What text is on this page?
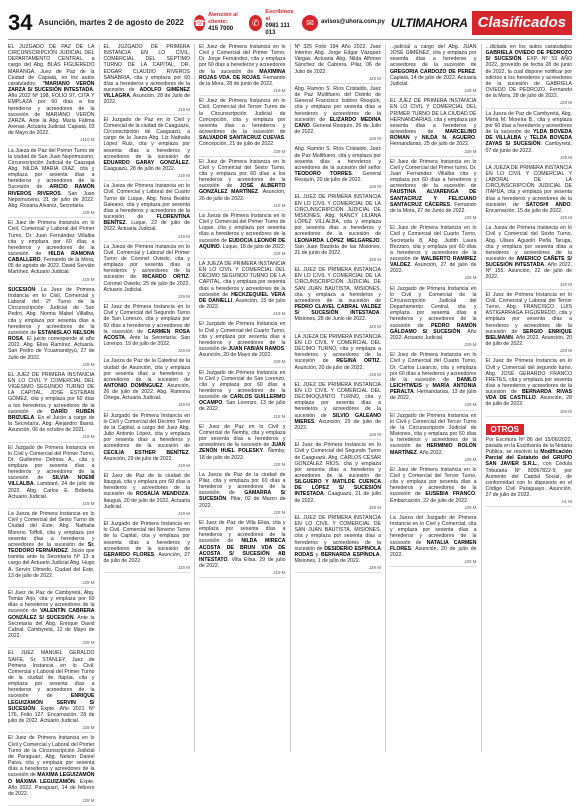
34 Asunción, martes 2 de agosto de 2022 ☎
Atención al cliente:
415 7000
✆
Escribinos al
0981 111 013
✉	avisos@uhora.com.py ULTIMAHORA Clasificados
EL JUZGADO DE PAZ DE LA CIRCUNSCRIPCIÓN JUDICIAL DEL DEPARTAMENTO CENTRAL, a cargo del Abg. BLAS FIGUEREDO MARANGA, Juez de Paz de la Ciudad de Capiatá, en los autos caratulados: "MARIANO VERÓN ZARZA S/ SUCESIÓN INTESTADA. Año 2022 Nº 198, FOLIO 97, CITA Y EMPLAZA por 60 días a los herederos y acreedores de la sucesión de MARIANO VERÓN ZARZA. Ante la Abg. María Fátima Arenas, Actuaria Judicial. Capiatá, 03 de Mayo de 2022.
J110 M
La Jueza de Paz del Primer Turno de la ciudad de San Juan Nepomuceno, Circunscripción Judicial de Caazapá Abg. NILDA MARÍA DIAZ, cita y emplaza por sesenta días a herederos y acreedores de la Sucesión de ARICIO RAMÓN RIVEROS RIVEROS. San Juan Nepomuceno, 21 de julio de 2022. Abg. Rosana Alvarez, Secretaria.
J29 M
El Juez de Primera Instancia en lo Civil, Comercial y Laboral del Primer Turno, Dr. Juan Fernández Villalba cita y emplaza por 60 días a herederos y acreedores de la sucesión de HILDA RAMONA CABALLERO. Fernando de la Mora, 05 de agosto de 2022. David Servián Martínez, Actuario Judicial.
J19 M
SUCESIÓN: La Juez de Primera Instancia en lo Civil, Comercial y Laboral del 2º Turno de la Circunscripción Judicial de San Pedro, Abg. Norma Mabel Villalba, cita y emplaza por sesenta días a herederos y acreedores de la sucesión de ESTANISLAO NELSON ROSA. El juicio corresponde al año 2022. Abg. Elisa Ramírez, Actuaria. San Pedro de Ycuamandyyú, 27 de Julio de 2022.
J29 M
EL JUEZ DE PRIMERA INSTANCIA EN LO CIVIL Y COMERCIAL DEL VIGÉSIMO SEGUNDO TURNO DE LA CAPITAL, JOSÉ ESTEBAN GÓMEZ, cita y emplaza por 60 días a los herederos y acreedores de la sucesión de DARÍO RUBÉN BRIZUELA. En el Juicio a cargo de la Secretaría, Abg. Alejandro Ibarra. Asunción, 06 de octubre de 2021.
J19 M
El Juzgado de Primera Instancia en lo Civil y Comercial del Primer Turno, Dr. Guillermo Delmas A., cita y emplaza por sesenta días a herederos y acreedores de la sucesión de SILVIA NOEMÍ VILLALBA. Lambaré, 24 de julio de 2022. Abg. Carlos E. Bóbeda, Actuario Judicial.
J19 M
La Jueza de Primera Instancia en lo Civil y Comercial del Sexto Turno de Ciudad del Este, Abg. Nathalia Moreno Toffoli, cita y emplaza por sesenta días a herederos y acreedores de la sucesión de Sr. TEODORO FERNÁNDEZ. Juicio que tramita ante la Secretaría Nº 13 a cargo del Actuario Judicial Abg. Hugo A. Servín Olmedo. Ciudad del Este, 13 de julio de 2022.
J29 M
El Juez de Paz de Cambyretá, Abg. Tomás Arjo, cita y emplaza por 60 días a herederos y acreedores de la sucesión de VALENTÍN CABRERA GONZÁLEZ S/ SUCESIÓN. Ante la Secretaría del Abg. Enrique David Cabral. Cambyretá, 12 de Mayo de 2022.
J29 M
EL JUEZ MANUEL GERALDO SAIFE, Sr. STANLEY, Juez de Primera Instancia en lo Civil, Comercial y Laboral del Primer Turno de la ciudad de Itapúa, cita y emplaza por sesenta días a herederos y acreedores de la sucesión de ENRIQUE LEGUIZAMÓN SERVIN S/ SUCESIÓN. Expte. Año 2021 Nº 176, Folio 127. Encarnación, 28 de julio de 2022. Actuario Judicial.
J29 M
El Juez de Primera Instancia en lo Civil y Comercial y Laboral del Primer Turno de la Circunscripción Judicial de Paraguarí, Abg. Nelson Daniel Paiva, cita y emplaza por sesenta días a herederos y acreedores de la sucesión de MAXIMA LEGUIZAMÓN O MÁXIMA LEGUIZAMÓN. Expte. Año 2022. Paraguarí, 14 de febrero de 2022.
J29 M
EL JUZGADO DE PRIMERA INSTANCIA EN LO CIVIL, COMERCIAL DEL SÉPTIMO TURNO DE LA CAPITAL, DR. EDGAR CLAUDIO RIVEROS SANABRIA, cita y emplaza por 60 días a herederos y acreedores de la sucesión de ADOLFO GIMÉNEZ VILLAGRA. Asunción, 28 de Julio de 2022.
J19 M
El Juzgado de Paz en lo Civil y Comercial de la ciudad de Caaguazú, Circunscripción de Caaguazú, a cargo de la Jueza Abg. Liz Nathalia López Ruiz, cita y emplaza por sesenta días a herederos y acreedores de la sucesión de EDUARDO GARAY GONZÁLEZ. Caaguazú, 28 de julio de 2022.
J19 M
La Jueza de Primera Instancia en lo Civil, Comercial y Laboral del Cuarto Turno de Luque, Abg. Nora Beatriz Galeano, cita y emplaza por sesenta días a herederos y acreedores de la sucesión de FLORENTINA BENÍTEZ. Luque, 22 de julio de 2022. Actuaria Judicial.
J19 M
La Jueza de Primera Instancia en lo Civil, Comercial y Laboral del Primer Turno de Coronel Oviedo, cita y emplaza por sesenta días a herederos y acreedores de la sucesión de RICARDO ORTIZ. Coronel Oviedo, 25 de julio de 2022. Actuario Judicial.
J29 M
El Juez de Primera Instancia en lo Civil y Comercial del Segundo Turno de San Lorenzo, cita y emplaza por 60 días a herederos y acreedores de la sucesión de CARMEN ROSA ACOSTA. Ante la Secretaría. San Lorenzo, 19 de julio de 2022.
J29 M
La Jueza de Paz de la Catedral de la ciudad de Asunción, cita y emplaza por sesenta días a herederos y acreedores de la sucesión de ANTONIO DOMÍNGUEZ. Asunción, 26 de julio de 2022. Abg. Ramona Ortega, Actuaria Judicial.
J29 M
El Juzgado de Primera Instancia en lo Civil y Comercial del Décimo Turno de la Capital, a cargo del Juez Abg. Julio Antonio López, cita y emplaza por sesenta días a herederos y acreedores de la sucesión de CECILIA ESTHER BENÍTEZ. Asunción, 29 de julio de 2022.
J19 M
El Juez de Paz de la ciudad de Itauguá, cita y emplaza por 60 días a herederos y acreedores de la sucesión de ROSALÍA MENDOZA. Itauguá, 20 de julio de 2022. Actuaria Judicial.
J19 M
El Juzgado de Primera Instancia en lo Civil, Comercial del Noveno Turno de la Capital, cita y emplaza por sesenta días a herederos y acreedores de la sucesión de GERARDO FLORES. Asunción, 27 de julio de 2022.
J29 M
El Juez de Primera Instancia en lo Civil y Comercial del Primer Turno, Dr. Jorge Fernández, cita y emplaza por 60 días a herederos y acreedores de la sucesión de MAXIMINA ROJAS VDA. DE ROJAS. Fernando de la Mora, 28 de junio de 2022.
J19 M
El Juez de Primera Instancia en lo Civil, Comercial del Tercer Turno de la Circunscripción Judicial de Concepción, cita y emplaza por sesenta días a herederos y acreedores de la sucesión de SALVADOR SANTACRUZ CUEVAS. Concepción, 21 de julio de 2022.
J29 M
El Juez de Primera Instancia en lo Civil y Comercial del Sexto Turno, cita y emplaza por 60 días a los herederos y acreedores de la sucesión de JOSÉ ALBERTO GONZÁLEZ MARTÍNEZ. Asunción, 26 de julio de 2022.
J19 M
La Jueza de Primera Instancia en lo Civil y Comercial del Primer Turno de Luque, cita y emplaza por sesenta días a herederos y acreedores de la sucesión de EUDOCIA LEONOR DE AQUINO. Luque, 18 de julio de 2022.
J29 M
LA JUEZA DE PRIMERA INSTANCIA EN LO CIVIL Y COMERCIAL DEL DÉCIMO SEGUNDO TURNO DE LA CAPITAL, cita y emplaza por sesenta días a herederos y acreedores de la sucesión de HECKZEQUIEL VERA DE DANIELLI. Asunción, 15 de julio de 2022.
J19 M
El Juzgado de Primera Instancia en lo Civil y Comercial del Cuarto Turno, cita y emplaza por sesenta días a herederos y acreedores de la sucesión de JUAN FABIÁN RAMOS. Asunción, 20 de Mayo de 2022.
J29 M
El Juzgado de Primera Instancia en lo Civil y Comercial de San Lorenzo, cita y emplaza por 60 días a herederos y acreedores de la sucesión de CARLOS GUILLERMO OCAMPO. San Lorenzo, 13 de julio de 2022.
J19 M
El Juez de Paz en lo Civil y Comercial de Ñemby, cita y emplaza por sesenta días a herederos y acreedores de la sucesión de JUAN ZENÓN HUEL POLESKY. Ñemby, 18 de julio de 2022.
J29 M
La Jueza de Paz de la ciudad de Pilar, cita y emplaza por 60 días a herederos y acreedores de la sucesión de GAMARRA S/ SUCESIÓN. Pilar, 02 de Marzo de 2022.
J29 M
El Juez de Paz de Villa Elisa, cita y emplaza por sesenta días a herederos y acreedores de la sucesión de NILDA MIRECA ACOSTA DE BRUN VDA DE ACOSTA S/ SUCESIÓN AB INTESTATO. Villa Elisa, 29 de julio de 2022.
J19 M
Nº 325 Folio 194 Año 2022. Juez Interino Abg. Jorge Edgar Vázquez Vargas. Actuaria Abg. Nilda Alfonso Sánchez de Cabrera. Pilar, 06 de Julio de 2022.
J29 M
Abg. Ramón S. Ríos Cristaldo, Juez de Paz Multifuero del Distrito de General Francisco Isidoro Resquín, cita y emplaza por sesenta días a herederos y acreedores de la sucesión de ELIZARDO MEDINA CANO. General Resquín, 26 de Julio de 2022.
J29 M
Abg. Ramón S. Ríos Cristaldo, Juez de Paz Multifuero, cita y emplaza por sesenta días a herederos y acreedores de la sucesión del señor TEODORO TORRES. General Resquín, 20 de julio de 2022.
J29 M
EL JUEZ DE PRIMERA INSTANCIA EN LO CIVIL Y COMERCIAL DE LA CIRCUNSCRIPCIÓN JUDICIAL DE MISIONES, Abg. NANCY LILIANA LÓPEZ VILLALBA, cita y emplaza por sesenta días a herederos y acreedores de la sucesión de LEONARDA LÓPEZ MELGAREJO. San Juan Bautista de las Misiones, 21 de junio de 2022.
J29 M
EL JUEZ DE PRIMERA INSTANCIA EN LO CIVIL Y COMERCIAL DE LA CIRCUNSCRIPCIÓN JUDICIAL DE SAN JUAN BAUTISTA, MISIONES, cita y emplaza a herederos y acreedores de la sucesión de PEDRO CLAVEL CABRAL VALDEZ S/ SUCESIÓN INTESTADA. Misiones, 28 de Junio de 2022.
J29 M
LA JUEZA DE PRIMERA INSTANCIA EN LO CIVIL Y COMERCIAL DEL DÉCIMO TURNO, cita y emplaza a herederos y acreedores de la sucesión de REGINA ORTIZ. Asunción, 20 de julio de 2022.
J19 M
EL JUEZ DE PRIMERA INSTANCIA EN LO CIVIL Y COMERCIAL DEL DECIMOQUINTO TURNO, cita y emplaza por sesenta días a herederos y acreedores de la sucesión de SILVIO GALEANO MIERES. Asunción, 29 de julio de 2022.
J29 M
El Juez de Primera Instancia en lo Civil y Comercial del Segundo Turno de Caaguazú, Abg. CARLOS CÉSAR GONZÁLEZ RÍOS, cita y emplaza por sesenta días a herederos y acreedores de la sucesión de SILGUERO Y MATILDE CUENCA DE LÓPEZ S/ SUCESIÓN INTESTADA. Caaguazú, 21 de julio de 2022.
J29 M
EL JUEZ DE PRIMERA INSTANCIA EN LO CIVIL Y COMERCIAL DE SAN JUAN BAUTISTA, MISIONES, cita y emplaza por sesenta días a herederos y acreedores de la sucesión de DESIDERIO ESPÍNOLA RODAS y BERNARDA ESPÍNOLA. Misiones, 1 de julio de 2022.
J29 M
...judicial a cargo del Abg. JUAN JOSÉ GIMÉNEZ, cita y emplaza por sesenta días a herederos y acreedores de la sucesión de GREGORIA CARDOZO DE PEREZ. Capiatá, 14 de julio de 2022. Actuaria Judicial.
J29 M
EL JUEZ DE PRIMERA INSTANCIA EN LO CIVIL Y COMERCIAL DEL PRIMER TURNO DE LA CIUDAD DE HERNANDARIAS, cita y emplaza por sesenta días a herederos y acreedores de MARCELINO ROMAN y NILDA N. AGUERO. Hernandarias, 25 de julio de 2022.
J29 M
El Juez de Primera Instancia en lo Civil y Comercial del Primer turno, Dr. Juan Fernández Villalba cita y emplaza por 60 días a herederos y acreedores de la sucesión de FAUSTINA ALVARENGA DE SANTACRUZ Y FELICIANO SANTACRUZ CÁCERES. Fernando de la Mora, 27 de Junio de 2022.
J29 M
El Juez de Primera Instancia en lo Civil y Comercial del Cuarto Turno, Secretaría 8, Abg. Judith Laura Bezzaro, cita y emplaza por 60 días a herederos y acreedores de la sucesión de WALBERTO RAMIREZ VALDEZ. Asunción, 27 de julio de 2022.
J29 M
El Juzgado de Primera Instancia en lo Civil y Comercial de la Circunscripción Judicial del Departamento Central, cita y emplaza por sesenta días a herederos y acreedores de la sucesión de PEDRO RAMÓN GÁLDAMO S/ SUCESIÓN. Año 2022. Actuario Judicial.
J29 M
El Juez de Primera Instancia en lo Civil y Comercial del Cuarto Turno, Dr. Carlos Lusarcio, cita y emplaza por 60 días a herederos y acreedores de la sucesión de DANILO LEICHTWEIS y MARÍA ANTONIA PERALTA. Hernandarias, 13 de julio de 2022.
J29 M
El Juzgado de Primera Instancia en lo Civil y Comercial del Tercer Turno de la Circunscripción Judicial de Misiones, cita y emplaza por 60 días a herederos y acreedores de la sucesión de HERMINIO ROLÓN MARTÍNEZ. Año 2022.
J29 M
El Juez de Primera Instancia en lo Civil y Comercial del Tercer Turno, cita y emplaza por sesenta días a herederos y acreedores de la sucesión de EUSEBIA FRANCO. Embarcación, 22 de julio de 2022.
J29 M
La Jueza del Juzgado de Primera Instancia en lo Civil y Comercial, cita y emplaza por sesenta días a herederos y acreedores de la sucesión de NATALIA CARMEN FLORES. Asunción, 20 de julio de 2022.
J29 M
...dictada en los autos caratulados GABRIELA OVIEDO DE PEDROZO S/ SUCESIÓN. EXP. Nº 53 AÑO 2022, proveído de fecha 28 de junio de 2022, la cual dispone notificar por edictos a los herederos y acreedores de la sucesión de GABRIELA OVIEDO DE PEDROZO. Fernando de la Mora, 28 de julio de 2022.
J29 M
La Jueza de Paz de Cambyretá, Abg. Mirna M. Moreira B., cita y emplaza por 60 días a herederos y acreedores de la sucesión de YLDA BOVEDA DE VILLALBA y TELDA BOVEDA ZAYAS S/ SUCESIÓN. Cambyretá, 07 de junio de 2022.
J29 M
LA JUEZA DE PRIMERA INSTANCIA EN LO CIVIL Y COMERCIAL Y LABORAL DE LA CIRCUNSCRIPCIÓN JUDICIAL DE ITAPÚA, cita y emplaza por sesenta días a herederos y acreedores de la sucesión de SATOSHI ANDO. Encarnación, 15 de julio de 2022.
J29 M
La Jueza de Primera Instancia en lo Civil y Comercial del Sexto Turno, Abg. Ulises Agustín Peña Taruga, cita y emplaza por sesenta días a herederos y acreedores de la sucesión de AMERICO CAÑETE S/ SUCESIÓN INTESTADA. Año 2022, Nº 155. Asunción, 22 de julio de 2022.
J29 M
El Juez de Primera Instancia en lo Civil, Comercial y Laboral del Tercer Turno, Abg. FRANCISCO LUIS ASTIGARRAGA FIGUEREDO, cita y emplaza por sesenta días a herederos y acreedores de la sucesión de SERGIO ENRIQUE BIELMANN. Año 2022. Asunción, 20 de julio de 2022.
J29 M
El Juez de Primera Instancia en lo Civil y Comercial del segundo turno, Abg. JOSÉ GERARDO FRANCO FRETES, cita y emplaza por sesenta días a herederos y acreedores de la sucesión de BERNARDA RIVAS VDA DE CASTILLO. Asunción, 28 de julio de 2022.
J29 M
OTROS
Por Escritura Nº 86 del 15/06/2022, pasada en la Escribanía de la Notaria Pública, se resolvió la Modificación Parcial del Estatuto del GRUPO SAN JAVIER S.R.L., con Cédula Tributaria Nº 80067822-9, por Aumento del Capital Social, de conformidad con lo dispuesto en el Código Civil Paraguayo. Asunción, 27 de julio de 2022.
A1 M
